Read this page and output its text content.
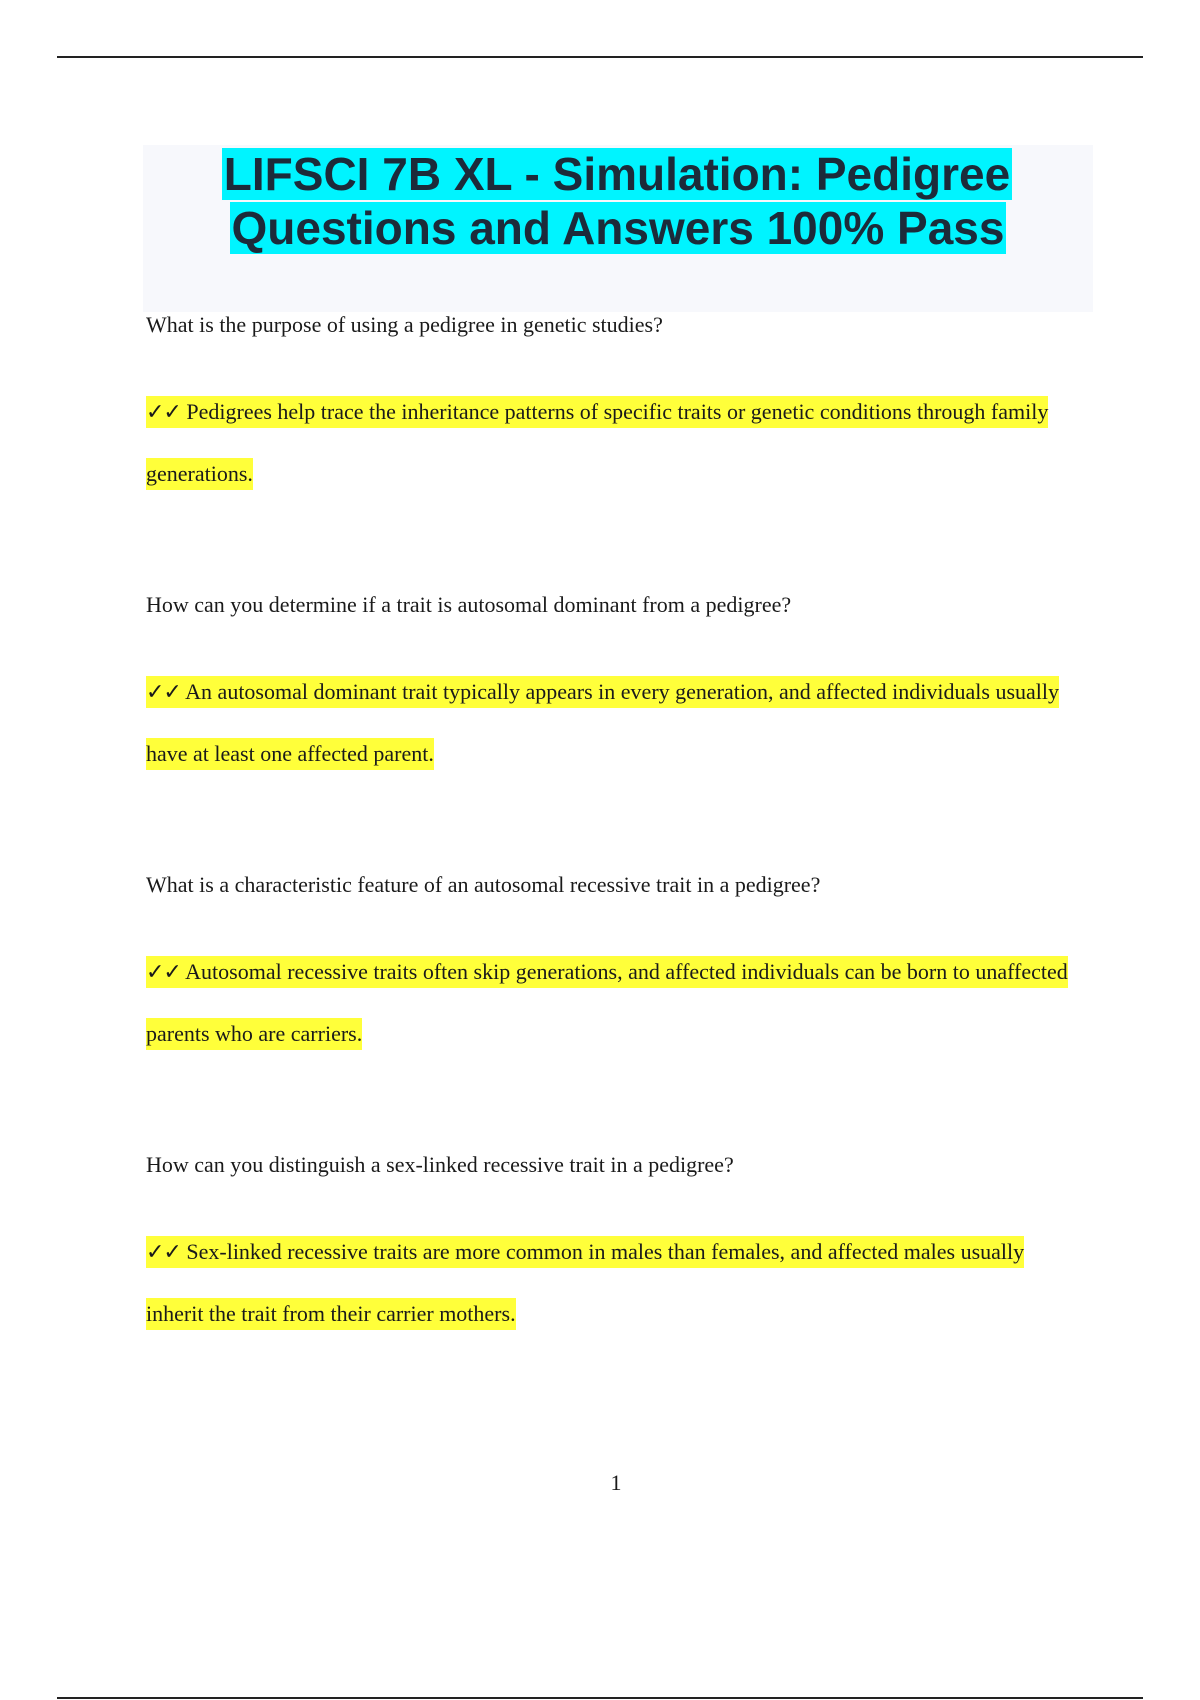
LIFSCI 7B XL - Simulation: Pedigree Questions and Answers 100% Pass

What is the purpose of using a pedigree in genetic studies?

✓✓ Pedigrees help trace the inheritance patterns of specific traits or genetic conditions through family generations.

How can you determine if a trait is autosomal dominant from a pedigree?

✓✓ An autosomal dominant trait typically appears in every generation, and affected individuals usually have at least one affected parent.

What is a characteristic feature of an autosomal recessive trait in a pedigree?

✓✓ Autosomal recessive traits often skip generations, and affected individuals can be born to unaffected parents who are carriers.

How can you distinguish a sex-linked recessive trait in a pedigree?

✓✓ Sex-linked recessive traits are more common in males than females, and affected males usually inherit the trait from their carrier mothers.

1
